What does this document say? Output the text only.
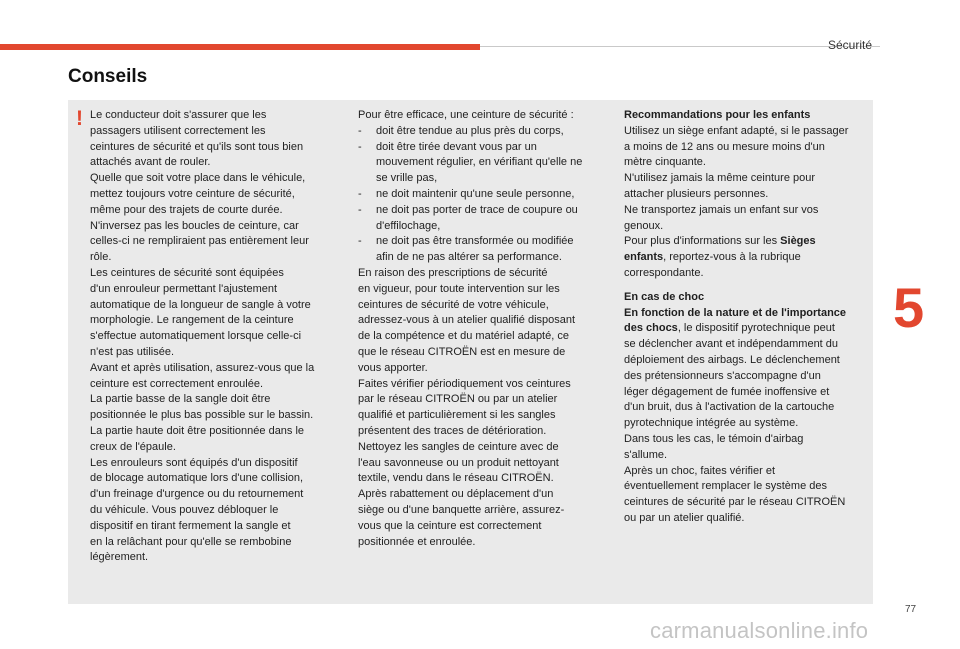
Sécurité
Conseils
! Le conducteur doit s'assurer que les

passagers utilisent correctement les

ceintures de sécurité et qu'ils sont tous bien

attachés avant de rouler.

Quelle que soit votre place dans le véhicule,

mettez toujours votre ceinture de sécurité,

même pour des trajets de courte durée.

N'inversez pas les boucles de ceinture, car

celles-ci ne rempliraient pas entièrement leur

rôle.

Les ceintures de sécurité sont équipées

d'un enrouleur permettant l'ajustement

automatique de la longueur de sangle à votre

morphologie. Le rangement de la ceinture

s'effectue automatiquement lorsque celle-ci

n'est pas utilisée.

Avant et après utilisation, assurez-vous que la

ceinture est correctement enroulée.

La partie basse de la sangle doit être

positionnée le plus bas possible sur le bassin.

La partie haute doit être positionnée dans le

creux de l'épaule.

Les enrouleurs sont équipés d'un dispositif

de blocage automatique lors d'une collision,

d'un freinage d'urgence ou du retournement

du véhicule. Vous pouvez débloquer le

dispositif en tirant fermement la sangle et

en la relâchant pour qu'elle se rembobine

légèrement.

Pour être efficace, une ceinture de sécurité :

- doit être tendue au plus près du corps,
- doit être tirée devant vous par un
mouvement régulier, en vérifiant qu'elle ne
se vrille pas,
- ne doit maintenir qu'une seule personne,
- ne doit pas porter de trace de coupure ou
d'effilochage,
- ne doit pas être transformée ou modifiée
afin de ne pas altérer sa performance.

En raison des prescriptions de sécurité

en vigueur, pour toute intervention sur les

ceintures de sécurité de votre véhicule,

adressez-vous à un atelier qualifié disposant

de la compétence et du matériel adapté, ce

que le réseau CITROËN est en mesure de

vous apporter.

Faites vérifier périodiquement vos ceintures

par le réseau CITROËN ou par un atelier

qualifié et particulièrement si les sangles

présentent des traces de détérioration.

Nettoyez les sangles de ceinture avec de

l'eau savonneuse ou un produit nettoyant

textile, vendu dans le réseau CITROËN.

Après rabattement ou déplacement d'un

siège ou d'une banquette arrière, assurez-

vous que la ceinture est correctement

positionnée et enroulée.

Recommandations pour les enfants

Utilisez un siège enfant adapté, si le passager

a moins de 12 ans ou mesure moins d'un

mètre cinquante.

N'utilisez jamais la même ceinture pour

attacher plusieurs personnes.

Ne transportez jamais un enfant sur vos

genoux.

Pour plus d'informations sur les Sièges

enfants, reportez-vous à la rubrique

correspondante.

En cas de choc

En fonction de la nature et de l'importance

des chocs, le dispositif pyrotechnique peut

se déclencher avant et indépendamment du

déploiement des airbags. Le déclenchement

des prétensionneurs s'accompagne d'un

léger dégagement de fumée inoffensive et

d'un bruit, dus à l'activation de la cartouche

pyrotechnique intégrée au système.

Dans tous les cas, le témoin d'airbag

s'allume.

Après un choc, faites vérifier et

éventuellement remplacer le système des

ceintures de sécurité par le réseau CITROËN

ou par un atelier qualifié.

5
77
carmanualsonline.info
